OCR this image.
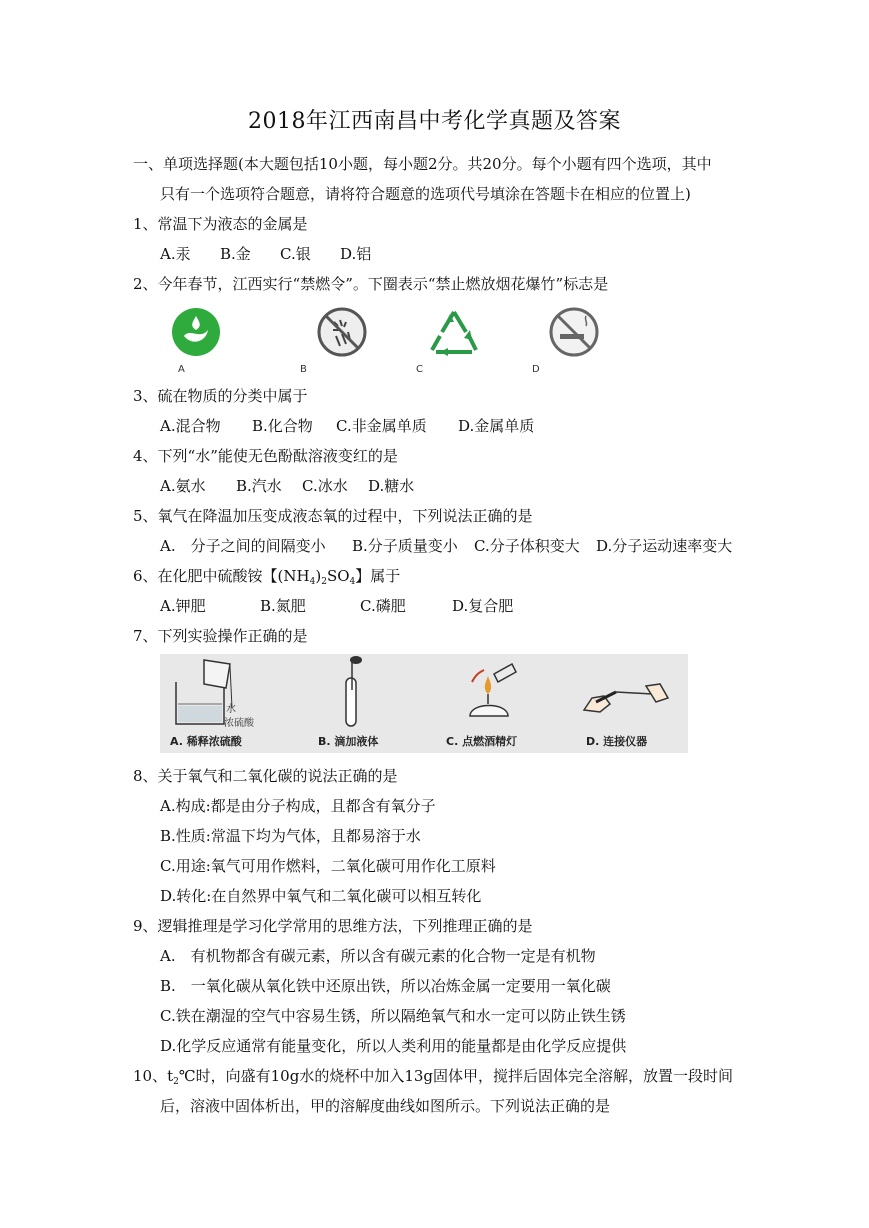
2018年江西南昌中考化学真题及答案
一、单项选择题(本大题包括10小题，每小题2分。共20分。每个小题有四个选项，其中
只有一个选项符合题意，请将符合题意的选项代号填涂在答题卡在相应的位置上)
1、常温下为液态的金属是
A.汞 B.金 C.银 D.铝
2、今年春节，江西实行“禁燃令”。下圈表示“禁止燃放烟花爆竹”标志是
A	B	C	D
3、硫在物质的分类中属于
A.混合物 B.化合物 C.非金属单质 D.金属单质
4、下列“水”能使无色酚酞溶液变红的是
A.氨水 B.汽水 C.冰水 D.糖水
5、氧气在降温加压变成液态氧的过程中，下列说法正确的是
A.　分子之间的间隔变小 B.分子质量变小 C.分子体积变大 D.分子运动速率变大
6、在化肥中硫酸铵【$(NH_4)_2SO_4$】属于
A.钾肥	B.氮肥	C.磷肥	D.复合肥
7、下列实验操作正确的是
水
浓硫酸
A. 稀释浓硫酸	B. 滴加液体	C. 点燃酒精灯	D. 连接仪器
8、关于氧气和二氧化碳的说法正确的是
A.构成:都是由分子构成，且都含有氧分子
B.性质:常温下均为气体，且都易溶于水
C.用途:氧气可用作燃料，二氧化碳可用作化工原料
D.转化:在自然界中氧气和二氧化碳可以相互转化
9、逻辑推理是学习化学常用的思维方法，下列推理正确的是
A.　有机物都含有碳元素，所以含有碳元素的化合物一定是有机物
B.　一氧化碳从氧化铁中还原出铁，所以冶炼金属一定要用一氧化碳
C.铁在潮湿的空气中容易生锈，所以隔绝氧气和水一定可以防止铁生锈
D.化学反应通常有能量变化，所以人类利用的能量都是由化学反应提供
10、$t_2℃$时，向盛有10g水的烧杯中加入13g固体甲，搅拌后固体完全溶解，放置一段时间
后，溶液中固体析出，甲的溶解度曲线如图所示。下列说法正确的是
